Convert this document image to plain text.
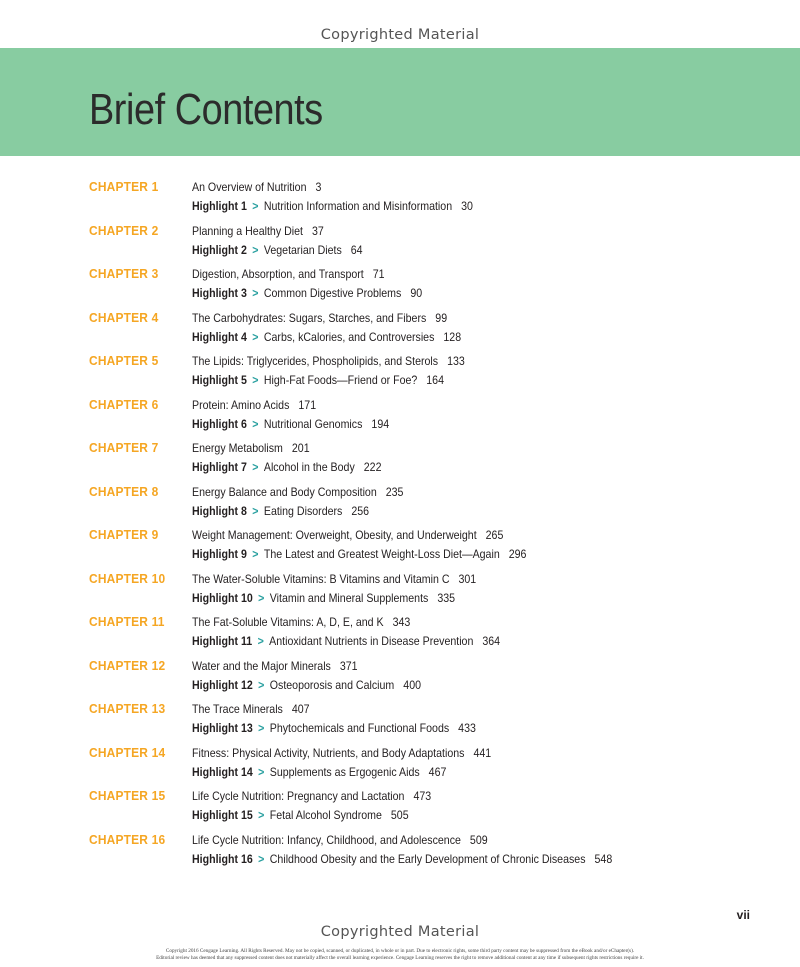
Copyrighted Material
Brief Contents
CHAPTER 1	An Overview of Nutrition 3
Highlight 1 > Nutrition Information and Misinformation 30
CHAPTER 2	Planning a Healthy Diet 37
Highlight 2 > Vegetarian Diets 64
CHAPTER 3	Digestion, Absorption, and Transport 71
Highlight 3 > Common Digestive Problems 90
CHAPTER 4	The Carbohydrates: Sugars, Starches, and Fibers 99
Highlight 4 > Carbs, kCalories, and Controversies 128
CHAPTER 5	The Lipids: Triglycerides, Phospholipids, and Sterols 133
Highlight 5 > High-Fat Foods—Friend or Foe? 164
CHAPTER 6	Protein: Amino Acids 171
Highlight 6 > Nutritional Genomics 194
CHAPTER 7	Energy Metabolism 201
Highlight 7 > Alcohol in the Body 222
CHAPTER 8	Energy Balance and Body Composition 235
Highlight 8 > Eating Disorders 256
CHAPTER 9	Weight Management: Overweight, Obesity, and Underweight 265
Highlight 9 > The Latest and Greatest Weight-Loss Diet—Again 296
CHAPTER 10 The Water-Soluble Vitamins: B Vitamins and Vitamin C 301
Highlight 10 > Vitamin and Mineral Supplements 335
CHAPTER 11 The Fat-Soluble Vitamins: A, D, E, and K 343
Highlight 11 > Antioxidant Nutrients in Disease Prevention 364
CHAPTER 12 Water and the Major Minerals 371
Highlight 12 > Osteoporosis and Calcium 400
CHAPTER 13 The Trace Minerals 407
Highlight 13 > Phytochemicals and Functional Foods 433
CHAPTER 14 Fitness: Physical Activity, Nutrients, and Body Adaptations 441
Highlight 14 > Supplements as Ergogenic Aids 467
CHAPTER 15 Life Cycle Nutrition: Pregnancy and Lactation 473
Highlight 15 > Fetal Alcohol Syndrome 505
CHAPTER 16 Life Cycle Nutrition: Infancy, Childhood, and Adolescence 509
Highlight 16 > Childhood Obesity and the Early Development of Chronic Diseases 548
vii
Copyrighted Material
Copyright 2016 Cengage Learning. All Rights Reserved. May not be copied, scanned, or duplicated, in whole or in part. Due to electronic rights, some third party content may be suppressed from the eBook and/or eChapter(s).
Editorial review has deemed that any suppressed content does not materially affect the overall learning experience. Cengage Learning reserves the right to remove additional content at any time if subsequent rights restrictions require it.
